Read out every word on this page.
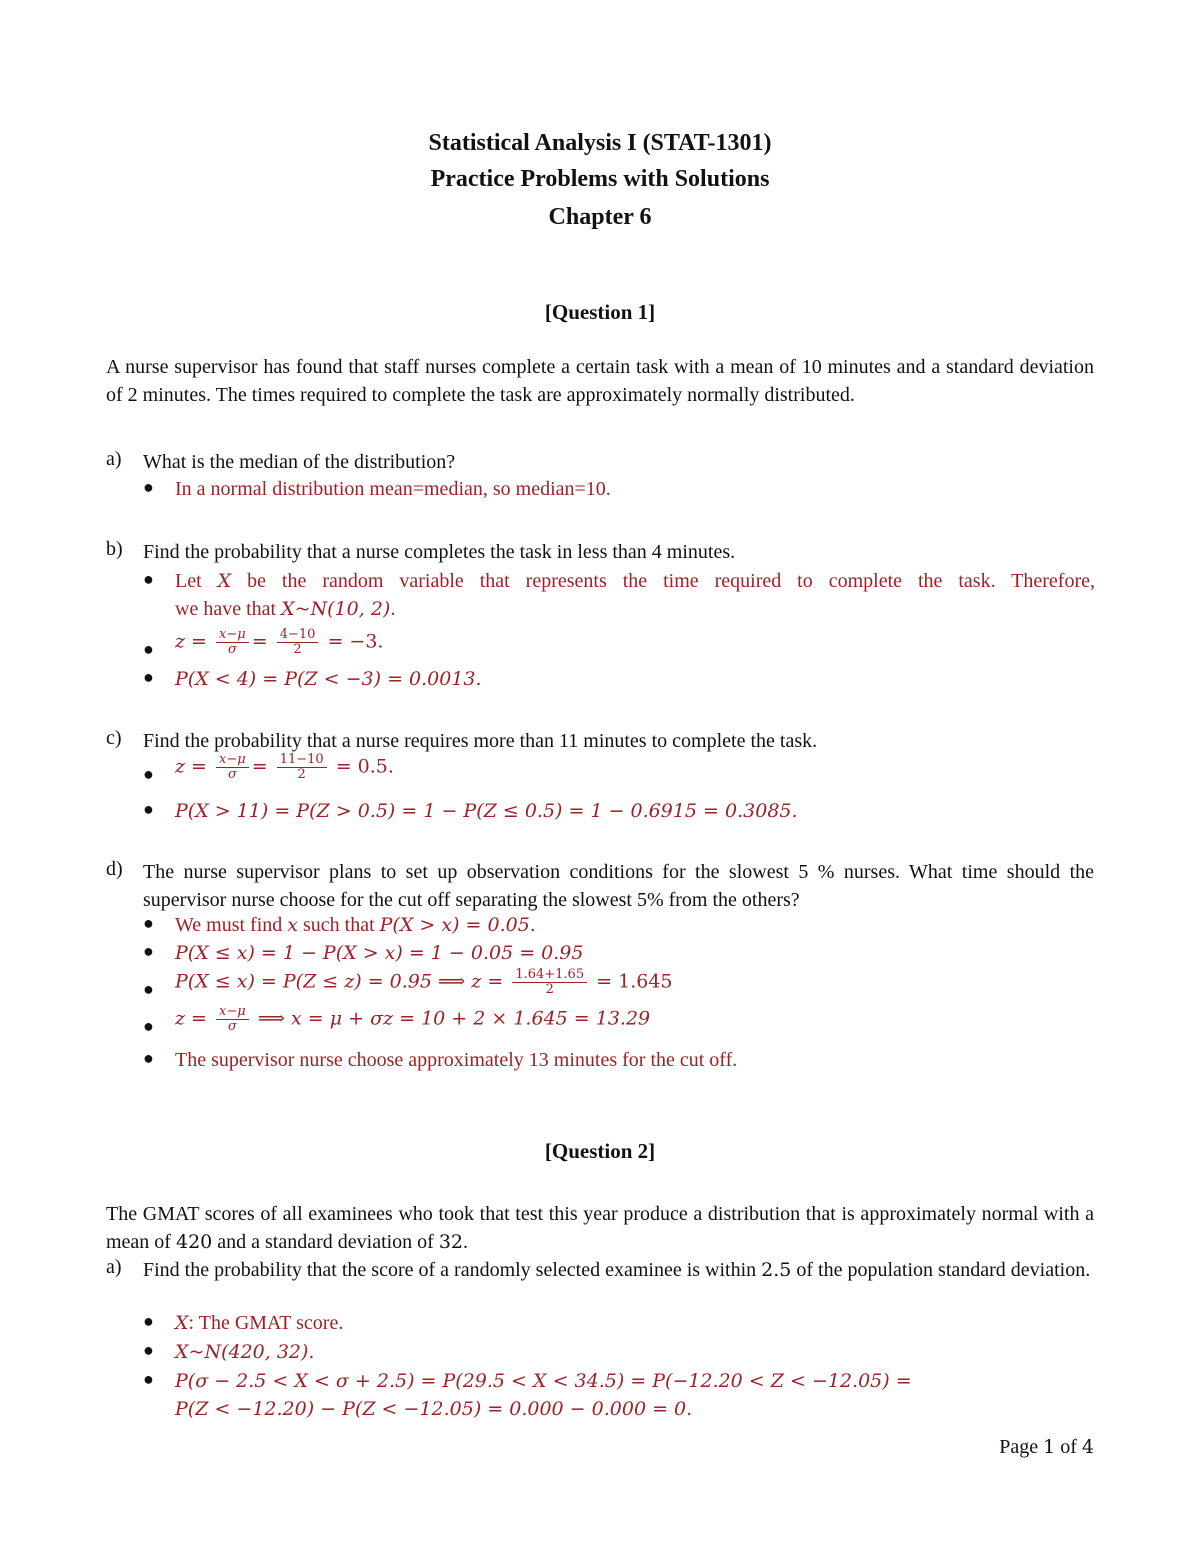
Statistical Analysis I (STAT-1301)
Practice Problems with Solutions
Chapter 6
[Question 1]
A nurse supervisor has found that staff nurses complete a certain task with a mean of 10 minutes and a standard deviation of 2 minutes. The times required to complete the task are approximately normally distributed.
a) What is the median of the distribution?
● In a normal distribution mean=median, so median=10.
b) Find the probability that a nurse completes the task in less than 4 minutes.
● Let X be the random variable that represents the time required to complete the task. Therefore,
we have that X~N(10, 2).
● $z = \frac{x-\mu}{\sigma} = \frac{4-10}{2} = -3$.
● P(X < 4) = P(Z < −3) = 0.0013.
c) Find the probability that a nurse requires more than 11 minutes to complete the task.
● $z = \frac{x-\mu}{\sigma} = \frac{11-10}{2} = 0.5$.
● P(X > 11) = P(Z > 0.5) = 1 − P(Z ≤ 0.5) = 1 − 0.6915 = 0.3085.
d) The nurse supervisor plans to set up observation conditions for the slowest 5 % nurses. What time should the supervisor nurse choose for the cut off separating the slowest 5% from the others?
● We must find x such that P(X > x) = 0.05.
● P(X ≤ x) = 1 − P(X > x) = 1 − 0.05 = 0.95
● P(X ≤ x) = P(Z ≤ z) = 0.95 ⟹ $z = \frac{1.64+1.65}{2} = 1.645$
● $z = \frac{x-\mu}{\sigma}$ ⟹ x = μ + σz = 10 + 2 × 1.645 = 13.29
● The supervisor nurse choose approximately 13 minutes for the cut off.
[Question 2]
The GMAT scores of all examinees who took that test this year produce a distribution that is approximately normal with a mean of 420 and a standard deviation of 32.
a) Find the probability that the score of a randomly selected examinee is within 2.5 of the population standard deviation.
● X: The GMAT score.
● X~N(420, 32).
● P(σ − 2.5 < X < σ + 2.5) = P(29.5 < X < 34.5) = P(−12.20 < Z < −12.05) =
P(Z < −12.20) − P(Z < −12.05) = 0.000 − 0.000 = 0.
Page 1 of 4
